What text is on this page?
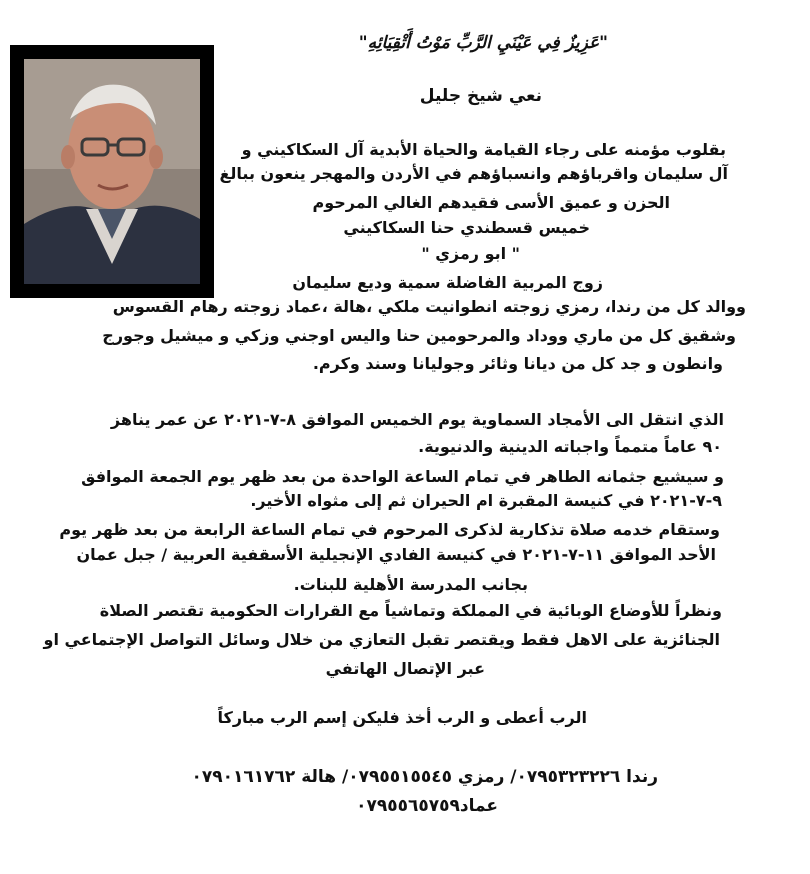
"عَزِيزٌ فِي عَيْنَيِ الرَّبِّ مَوْتُ أَتْقِيَائِهِ"
نعي شيخ جليل
بقلوب مؤمنه على رجاء القيامة والحياة الأبدية آل السكاكيني و
آل سليمان واقرباؤهم وانسباؤهم في الأردن والمهجر ينعون ببالغ
الحزن و عميق الأسى فقيدهم الغالي المرحوم
خميس قسطندي حنا السكاكيني
" ابو رمزي "
زوج المربية الفاضلة سمية وديع سليمان
ووالد كل من رندا، رمزي زوجته انطوانيت ملكي ،هالة ،عماد زوجته رهام القسوس
وشقيق كل من ماري ووداد والمرحومين حنا واليس اوجني وزكي و ميشيل وجورج
وانطون و جد كل من ديانا وثائر وجوليانا وسند وكرم.
الذي انتقل الى الأمجاد السماوية يوم الخميس الموافق ٨-٧-٢٠٢١ عن عمر يناهز
٩٠ عاماً متمماً واجباته الدينية والدنيوية.
و سيشيع جثمانه الطاهر في تمام الساعة الواحدة من بعد ظهر يوم الجمعة الموافق
٩-٧-٢٠٢١ في كنيسة المقبرة ام الحيران ثم إلى مثواه الأخير.
وستقام خدمه صلاة تذكارية لذكرى المرحوم في تمام الساعة الرابعة من بعد ظهر يوم
الأحد الموافق ١١-٧-٢٠٢١ في كنيسة الفادي الإنجيلية الأسقفية العربية / جبل عمان
بجانب المدرسة الأهلية للبنات.
ونظراً للأوضاع الوبائية في المملكة وتماشياً مع القرارات الحكومية تقتصر الصلاة
الجنائزية على الاهل فقط ويقتصر تقبل التعازي من خلال وسائل التواصل الإجتماعي او
عبر الإتصال الهاتفي
الرب أعطى و الرب أخذ فليكن إسم الرب مباركاً
رندا ٠٧٩٥٣٢٣٢٢٦/ رمزي ٠٧٩٥٥١٥٥٤٥/ هالة ٠٧٩٠١٦١٧٦٢
عماد٠٧٩٥٥٦٥٧٥٩
